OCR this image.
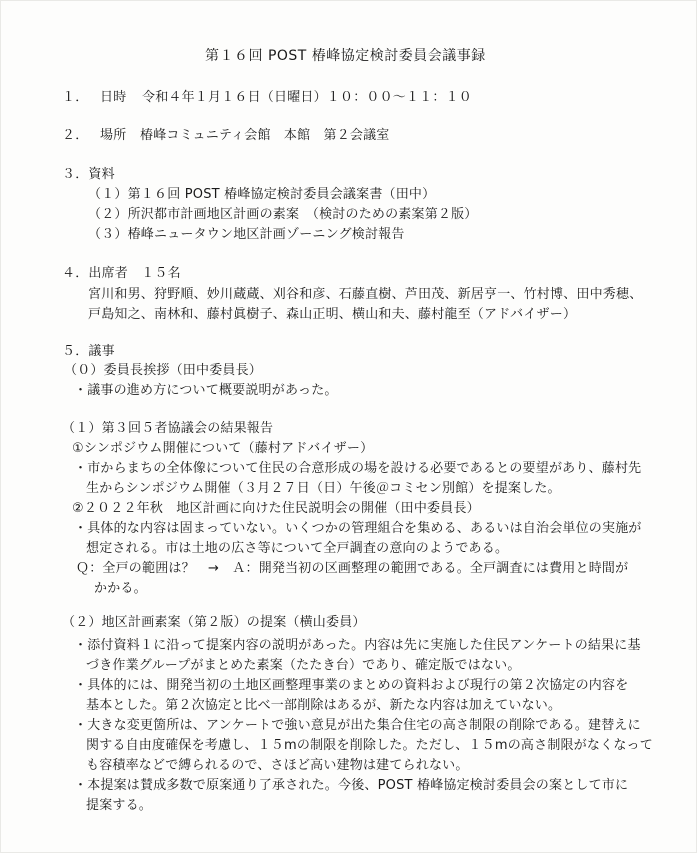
第１６回 POST 椿峰協定検討委員会議事録
１． 日時 令和４年１月１６日（日曜日）１０：００〜１１：１０
２． 場所 椿峰コミュニティ会館　本館　第２会議室
３．資料
（１）第１６回 POST 椿峰協定検討委員会議案書（田中）
（２）所沢都市計画地区計画の素案　（検討のための素案第２版）
（３）椿峰ニュータウン地区計画ゾーニング検討報告
４．出席者　１５名
宮川和男、狩野順、妙川蔵蔵、刈谷和彦、石藤直樹、芦田茂、新居亨一、竹村博、田中秀穂、
戸島知之、南林和、藤村眞樹子、森山正明、横山和夫、藤村龍至（アドバイザー）
５．議事
（０）委員長挨拶（田中委員長）
・議事の進め方について概要説明があった。
（１）第３回５者協議会の結果報告
①シンポジウム開催について（藤村アドバイザー）
・市からまちの全体像について住民の合意形成の場を設ける必要であるとの要望があり、藤村先
生からシンポジウム開催（３月２７日（日）午後＠コミセン別館）を提案した。
②２０２２年秋　地区計画に向けた住民説明会の開催（田中委員長）
・具体的な内容は固まっていない。いくつかの管理組合を集める、あるいは自治会単位の実施が
想定される。市は土地の広さ等について全戸調査の意向のようである。
Ｑ：全戸の範囲は？　→　Ａ：開発当初の区画整理の範囲である。全戸調査には費用と時間が
かかる。
（２）地区計画素案（第２版）の提案（横山委員）
・添付資料１に沿って提案内容の説明があった。内容は先に実施した住民アンケートの結果に基
づき作業グループがまとめた素案（たたき台）であり、確定版ではない。
・具体的には、開発当初の土地区画整理事業のまとめの資料および現行の第２次協定の内容を
基本とした。第２次協定と比べ一部削除はあるが、新たな内容は加えていない。
・大きな変更箇所は、アンケートで強い意見が出た集合住宅の高さ制限の削除である。建替えに
関する自由度確保を考慮し、１５mの制限を削除した。ただし、１５mの高さ制限がなくなって
も容積率などで縛られるので、さほど高い建物は建てられない。
・本提案は賛成多数で原案通り了承された。今後、POST 椿峰協定検討委員会の案として市に
提案する。
